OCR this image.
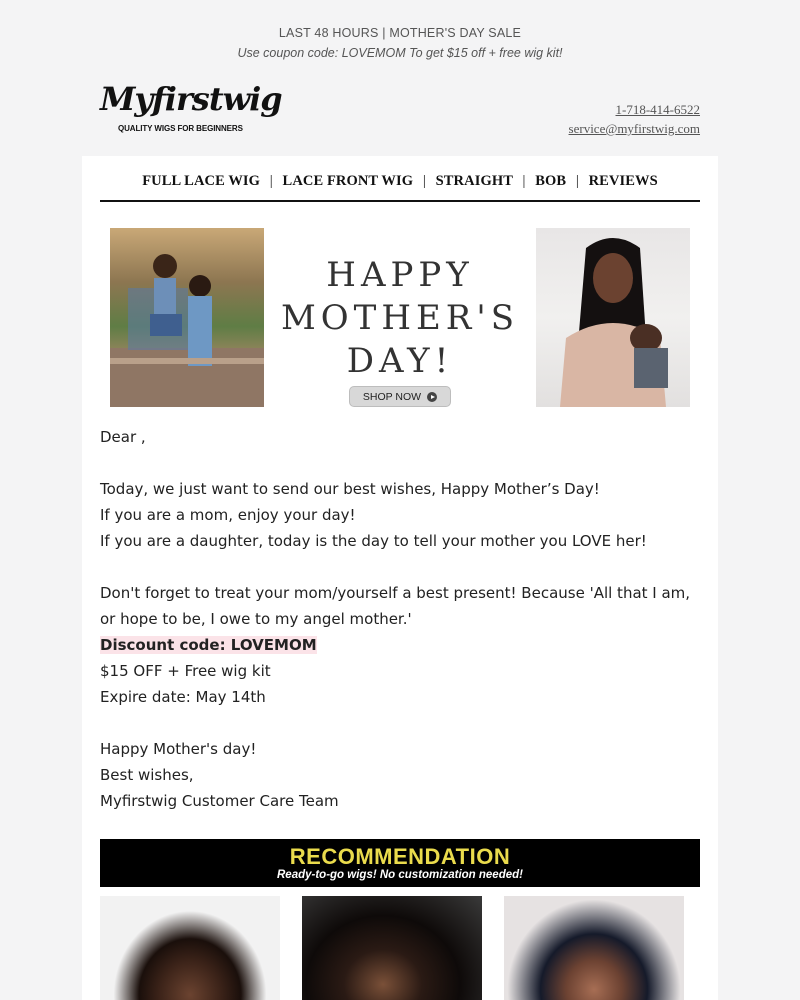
LAST 48 HOURS | MOTHER'S DAY SALE
Use coupon code: LOVEMOM To get $15 off + free wig kit!
Myfirstwig
QUALITY WIGS FOR BEGINNERS
1-718-414-6522
service@myfirstwig.com
FULL LACE WIG | LACE FRONT WIG | STRAIGHT | BOB | REVIEWS
HAPPY
MOTHER'S
DAY!
SHOP NOW

Dear ,

Today, we just want to send our best wishes, Happy Mother’s Day!

If you are a mom, enjoy your day!

If you are a daughter, today is the day to tell your mother you LOVE her!

Don't forget to treat your mom/yourself a best present! Because 'All that I am, or hope to be, I owe to my angel mother.'

Discount code: LOVEMOM

$15 OFF + Free wig kit

Expire date: May 14th

Happy Mother's day!

Best wishes,

Myfirstwig Customer Care Team

RECOMMENDATION
Ready-to-go wigs! No customization needed!
